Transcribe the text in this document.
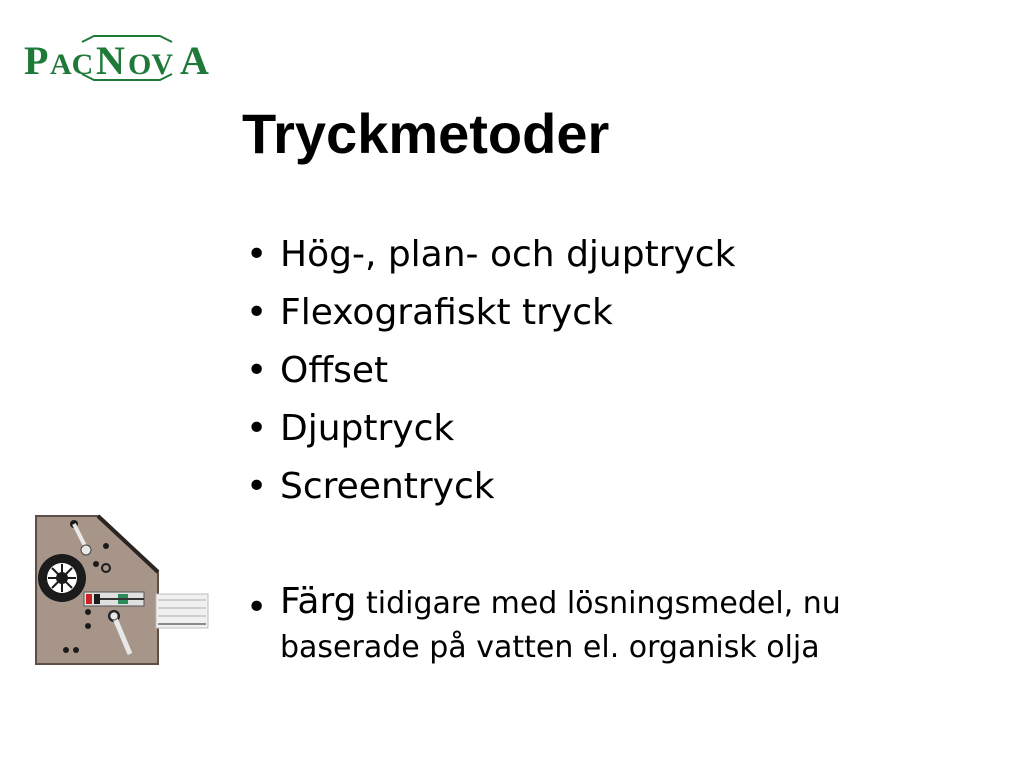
P AC N OV A
Tryckmetoder
• Hög-, plan- och djuptryck
• Flexografiskt tryck
• Offset
• Djuptryck
• Screentryck
• Färg tidigare med lösningsmedel, nu baserade på vatten el. organisk olja
